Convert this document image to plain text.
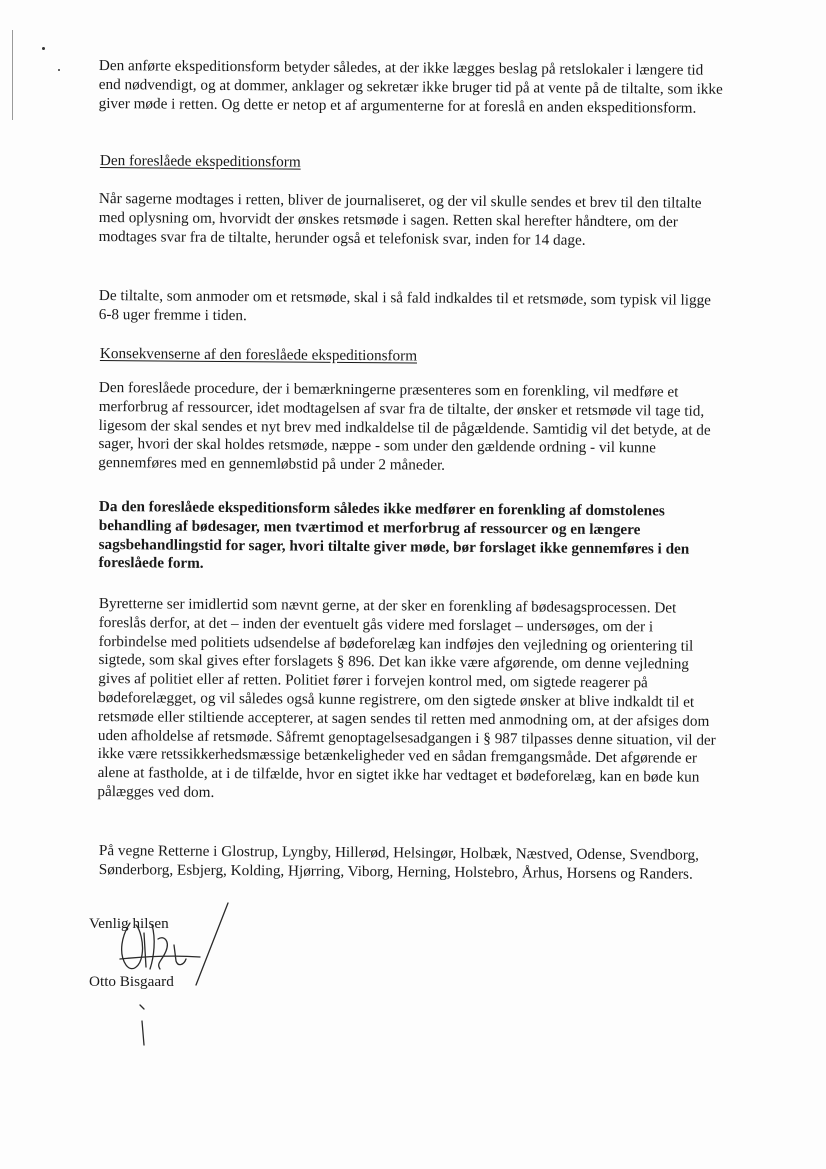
Den anførte ekspeditionsform betyder således, at der ikke lægges beslag på retslokaler i længere tid end nødvendigt, og at dommer, anklager og sekretær ikke bruger tid på at vente på de tiltalte, som ikke giver møde i retten. Og dette er netop et af argumenterne for at foreslå en anden ekspeditionsform.

Den foreslåede ekspeditionsform

Når sagerne modtages i retten, bliver de journaliseret, og der vil skulle sendes et brev til den tiltalte med oplysning om, hvorvidt der ønskes retsmøde i sagen. Retten skal herefter håndtere, om der modtages svar fra de tiltalte, herunder også et telefonisk svar, inden for 14 dage.

De tiltalte, som anmoder om et retsmøde, skal i så fald indkaldes til et retsmøde, som typisk vil ligge 6-8 uger fremme i tiden.

Konsekvenserne af den foreslåede ekspeditionsform

Den foreslåede procedure, der i bemærkningerne præsenteres som en forenkling, vil medføre et merforbrug af ressourcer, idet modtagelsen af svar fra de tiltalte, der ønsker et retsmøde vil tage tid, ligesom der skal sendes et nyt brev med indkaldelse til de pågældende. Samtidig vil det betyde, at de sager, hvori der skal holdes retsmøde, næppe - som under den gældende ordning - vil kunne gennemføres med en gennemløbstid på under 2 måneder.

Da den foreslåede ekspeditionsform således ikke medfører en forenkling af domstolenes behandling af bødesager, men tværtimod et merforbrug af ressourcer og en længere sagsbehandlingstid for sager, hvori tiltalte giver møde, bør forslaget ikke gennemføres i den foreslåede form.

Byretterne ser imidlertid som nævnt gerne, at der sker en forenkling af bødesagsprocessen. Det foreslås derfor, at det – inden der eventuelt gås videre med forslaget – undersøges, om der i forbindelse med politiets udsendelse af bødeforelæg kan indføjes den vejledning og orientering til sigtede, som skal gives efter forslagets § 896. Det kan ikke være afgørende, om denne vejledning gives af politiet eller af retten. Politiet fører i forvejen kontrol med, om sigtede reagerer på bødeforelægget, og vil således også kunne registrere, om den sigtede ønsker at blive indkaldt til et retsmøde eller stiltiende accepterer, at sagen sendes til retten med anmodning om, at der afsiges dom uden afholdelse af retsmøde. Såfremt genoptagelsesadgangen i § 987 tilpasses denne situation, vil der ikke være retssikkerhedsmæssige betænkeligheder ved en sådan fremgangsmåde. Det afgørende er alene at fastholde, at i de tilfælde, hvor en sigtet ikke har vedtaget et bødeforelæg, kan en bøde kun pålægges ved dom.

På vegne Retterne i Glostrup, Lyngby, Hillerød, Helsingør, Holbæk, Næstved, Odense, Svendborg, Sønderborg, Esbjerg, Kolding, Hjørring, Viborg, Herning, Holstebro, Århus, Horsens og Randers.

Venlig hilsen
Otto Bisgaard
